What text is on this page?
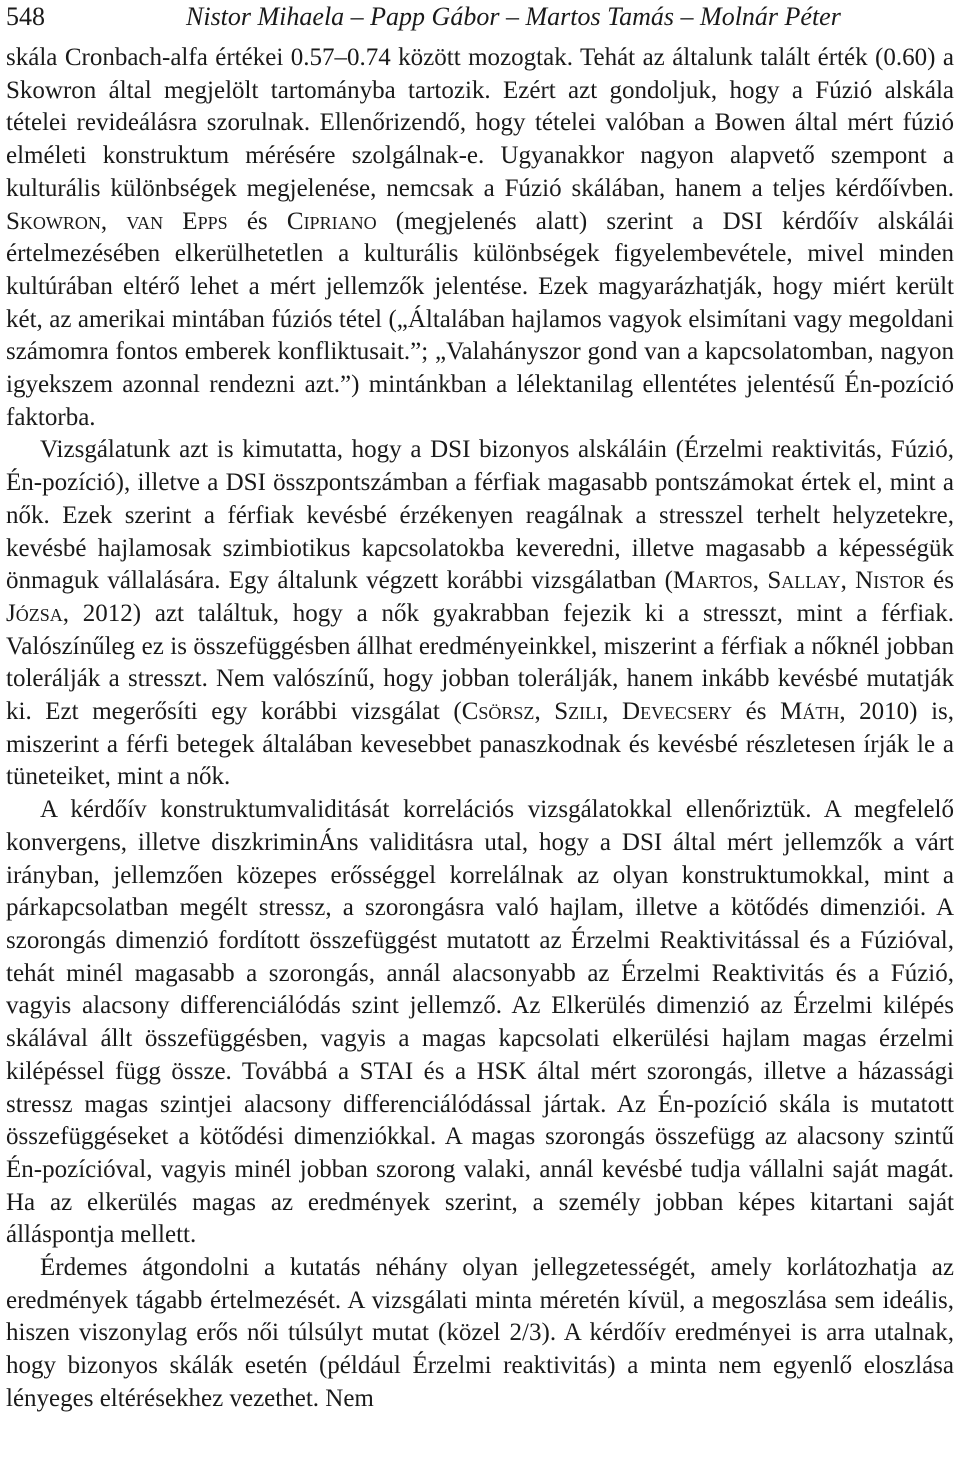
548	Nistor Mihaela – Papp Gábor – Martos Tamás – Molnár Péter

skála Cronbach-alfa értékei 0.57–0.74 között mozogtak. Tehát az általunk talált érték (0.60) a Skowron által megjelölt tartományba tartozik. Ezért azt gondoljuk, hogy a Fúzió alskála tételei revideálásra szorulnak. Ellenőrizendő, hogy tételei valóban a Bowen által mért fúzió elméleti konstruktum mérésére szolgálnak-e. Ugyanakkor nagyon alapvető szempont a kulturális különbségek megjelenése, nemcsak a Fúzió skálában, hanem a teljes kérdőívben. Skowron, van Epps és Cipriano (megjelenés alatt) szerint a DSI kérdőív alskálái értelmezésében elkerülhetetlen a kulturális különbségek figyelembevétele, mivel minden kultúrában eltérő lehet a mért jellemzők jelentése. Ezek magyarázhatják, hogy miért került két, az amerikai mintában fúziós tétel („Általában hajlamos vagyok elsimítani vagy megoldani számomra fontos emberek konfliktusait.”; „Valahányszor gond van a kapcsolatomban, nagyon igyekszem azonnal rendezni azt.”) mintánkban a lélektanilag ellentétes jelentésű Én-pozíció faktorba.

Vizsgálatunk azt is kimutatta, hogy a DSI bizonyos alskáláin (Érzelmi reaktivitás, Fúzió, Én-pozíció), illetve a DSI összpontszámban a férfiak magasabb pontszámokat értek el, mint a nők. Ezek szerint a férfiak kevésbé érzékenyen reagálnak a stresszel terhelt helyzetekre, kevésbé hajlamosak szimbiotikus kapcsolatokba keveredni, illetve magasabb a képességük önmaguk vállalására. Egy általunk végzett korábbi vizsgálatban (Martos, Sallay, Nistor és Józsa, 2012) azt találtuk, hogy a nők gyakrabban fejezik ki a stresszt, mint a férfiak. Valószínűleg ez is összefüggésben állhat eredményeinkkel, miszerint a férfiak a nőknél jobban tolerálják a stresszt. Nem valószínű, hogy jobban tolerálják, hanem inkább kevésbé mutatják ki. Ezt megerősíti egy korábbi vizsgálat (Csörsz, Szili, Devecsery és Máth, 2010) is, miszerint a férfi betegek általában kevesebbet panaszkodnak és kevésbé részletesen írják le a tüneteiket, mint a nők.

A kérdőív konstruktumvaliditását korrelációs vizsgálatokkal ellenőriztük. A megfelelő konvergens, illetve diszkriminÁns validitásra utal, hogy a DSI által mért jellemzők a várt irányban, jellemzően közepes erősséggel korrelálnak az olyan konstruktumokkal, mint a párkapcsolatban megélt stressz, a szorongásra való hajlam, illetve a kötődés dimenziói. A szorongás dimenzió fordított összefüggést mutatott az Érzelmi Reaktivitással és a Fúzióval, tehát minél magasabb a szorongás, annál alacsonyabb az Érzelmi Reaktivitás és a Fúzió, vagyis alacsony differenciálódás szint jellemző. Az Elkerülés dimenzió az Érzelmi kilépés skálával állt összefüggésben, vagyis a magas kapcsolati elkerülési hajlam magas érzelmi kilépéssel függ össze. Továbbá a STAI és a HSK által mért szorongás, illetve a házassági stressz magas szintjei alacsony differenciálódással jártak. Az Én-pozíció skála is mutatott összefüggéseket a kötődési dimenziókkal. A magas szorongás összefügg az alacsony szintű Én-pozícióval, vagyis minél jobban szorong valaki, annál kevésbé tudja vállalni saját magát. Ha az elkerülés magas az eredmények szerint, a személy jobban képes kitartani saját álláspontja mellett.

Érdemes átgondolni a kutatás néhány olyan jellegzetességét, amely korlátozhatja az eredmények tágabb értelmezését. A vizsgálati minta méretén kívül, a megoszlása sem ideális, hiszen viszonylag erős női túlsúlyt mutat (közel 2/3). A kérdőív eredményei is arra utalnak, hogy bizonyos skálák esetén (például Érzelmi reaktivitás) a minta nem egyenlő eloszlása lényeges eltérésekhez vezethet. Nem
